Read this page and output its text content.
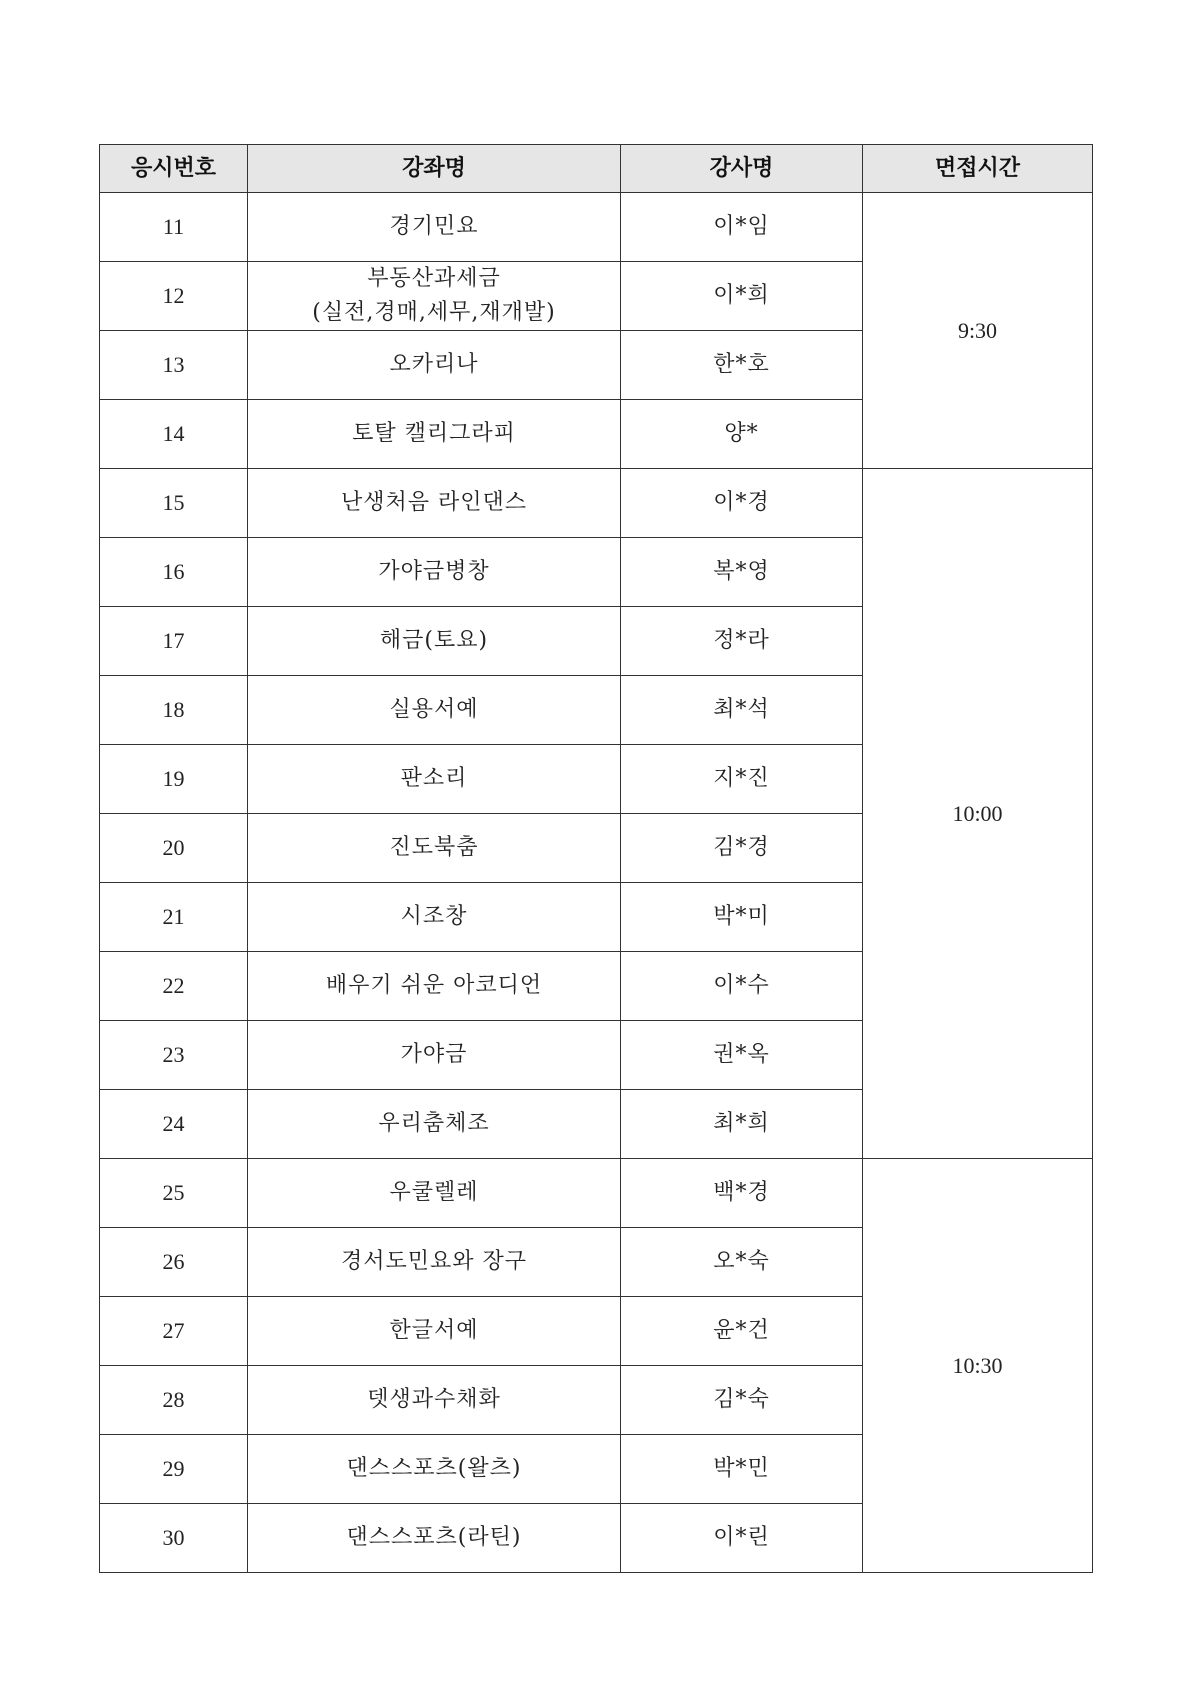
응시번호	강좌명	강사명	면접시간
11	경기민요	이*임	9:30
12	부동산과세금
(실전,경매,세무,재개발)	이*희	
13	오카리나	한*호	
14	토탈 캘리그라피	양*	
15	난생처음 라인댄스	이*경	10:00
16	가야금병창	복*영	
17	해금(토요)	정*라	
18	실용서예	최*석	
19	판소리	지*진	
20	진도북춤	김*경	
21	시조창	박*미	
22	배우기 쉬운 아코디언	이*수	
23	가야금	권*옥	
24	우리춤체조	최*희	
25	우쿨렐레	백*경	10:30
26	경서도민요와 장구	오*숙	
27	한글서예	윤*건	
28	뎃생과수채화	김*숙	
29	댄스스포츠(왈츠)	박*민	
30	댄스스포츠(라틴)	이*린	
